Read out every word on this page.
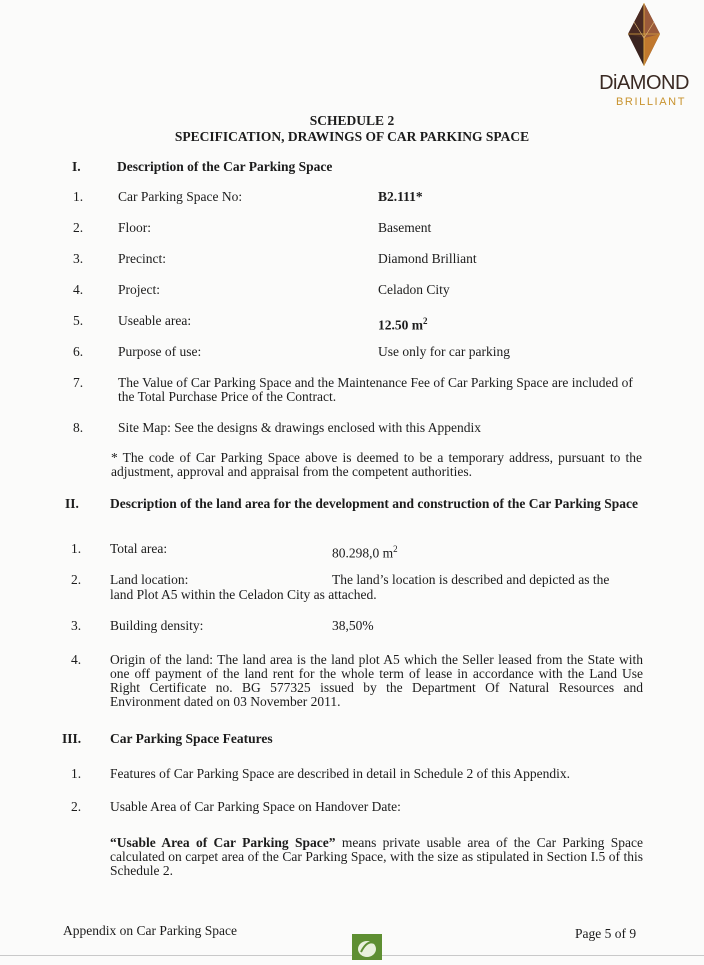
DiAMOND
BRILLIANT
SCHEDULE 2
SPECIFICATION, DRAWINGS OF CAR PARKING SPACE
I.	Description of the Car Parking Space
1.	Car Parking Space No:	B2.111*
2.	Floor:	Basement
3.	Precinct:	Diamond Brilliant
4.	Project:	Celadon City
5.	Useable area:	12.50 $m^2$
6.	Purpose of use:	Use only for car parking
7.	The Value of Car Parking Space and the Maintenance Fee of Car Parking Space are included of the Total Purchase Price of the Contract.
8.	Site Map: See the designs & drawings enclosed with this Appendix
* The code of Car Parking Space above is deemed to be a temporary address, pursuant to the adjustment, approval and appraisal from the competent authorities.
II. Description of the land area for the development and construction of the Car Parking Space
1.	Total area:	80.298,0 $m^2$
2.	Land location:	The land’s location is described and depicted as the
land Plot A5 within the Celadon City as attached.
3.	Building density:	38,50%
4.	Origin of the land: The land area is the land plot A5 which the Seller leased from the State with one off payment of the land rent for the whole term of lease in accordance with the Land Use Right Certificate no. BG 577325 issued by the Department Of Natural Resources and Environment dated on 03 November 2011.
III. Car Parking Space Features
1.	Features of Car Parking Space are described in detail in Schedule 2 of this Appendix.
2.	Usable Area of Car Parking Space on Handover Date:
“Usable Area of Car Parking Space” means private usable area of the Car Parking Space calculated on carpet area of the Car Parking Space, with the size as stipulated in Section I.5 of this Schedule 2.
Appendix on Car Parking Space	Page 5 of 9
